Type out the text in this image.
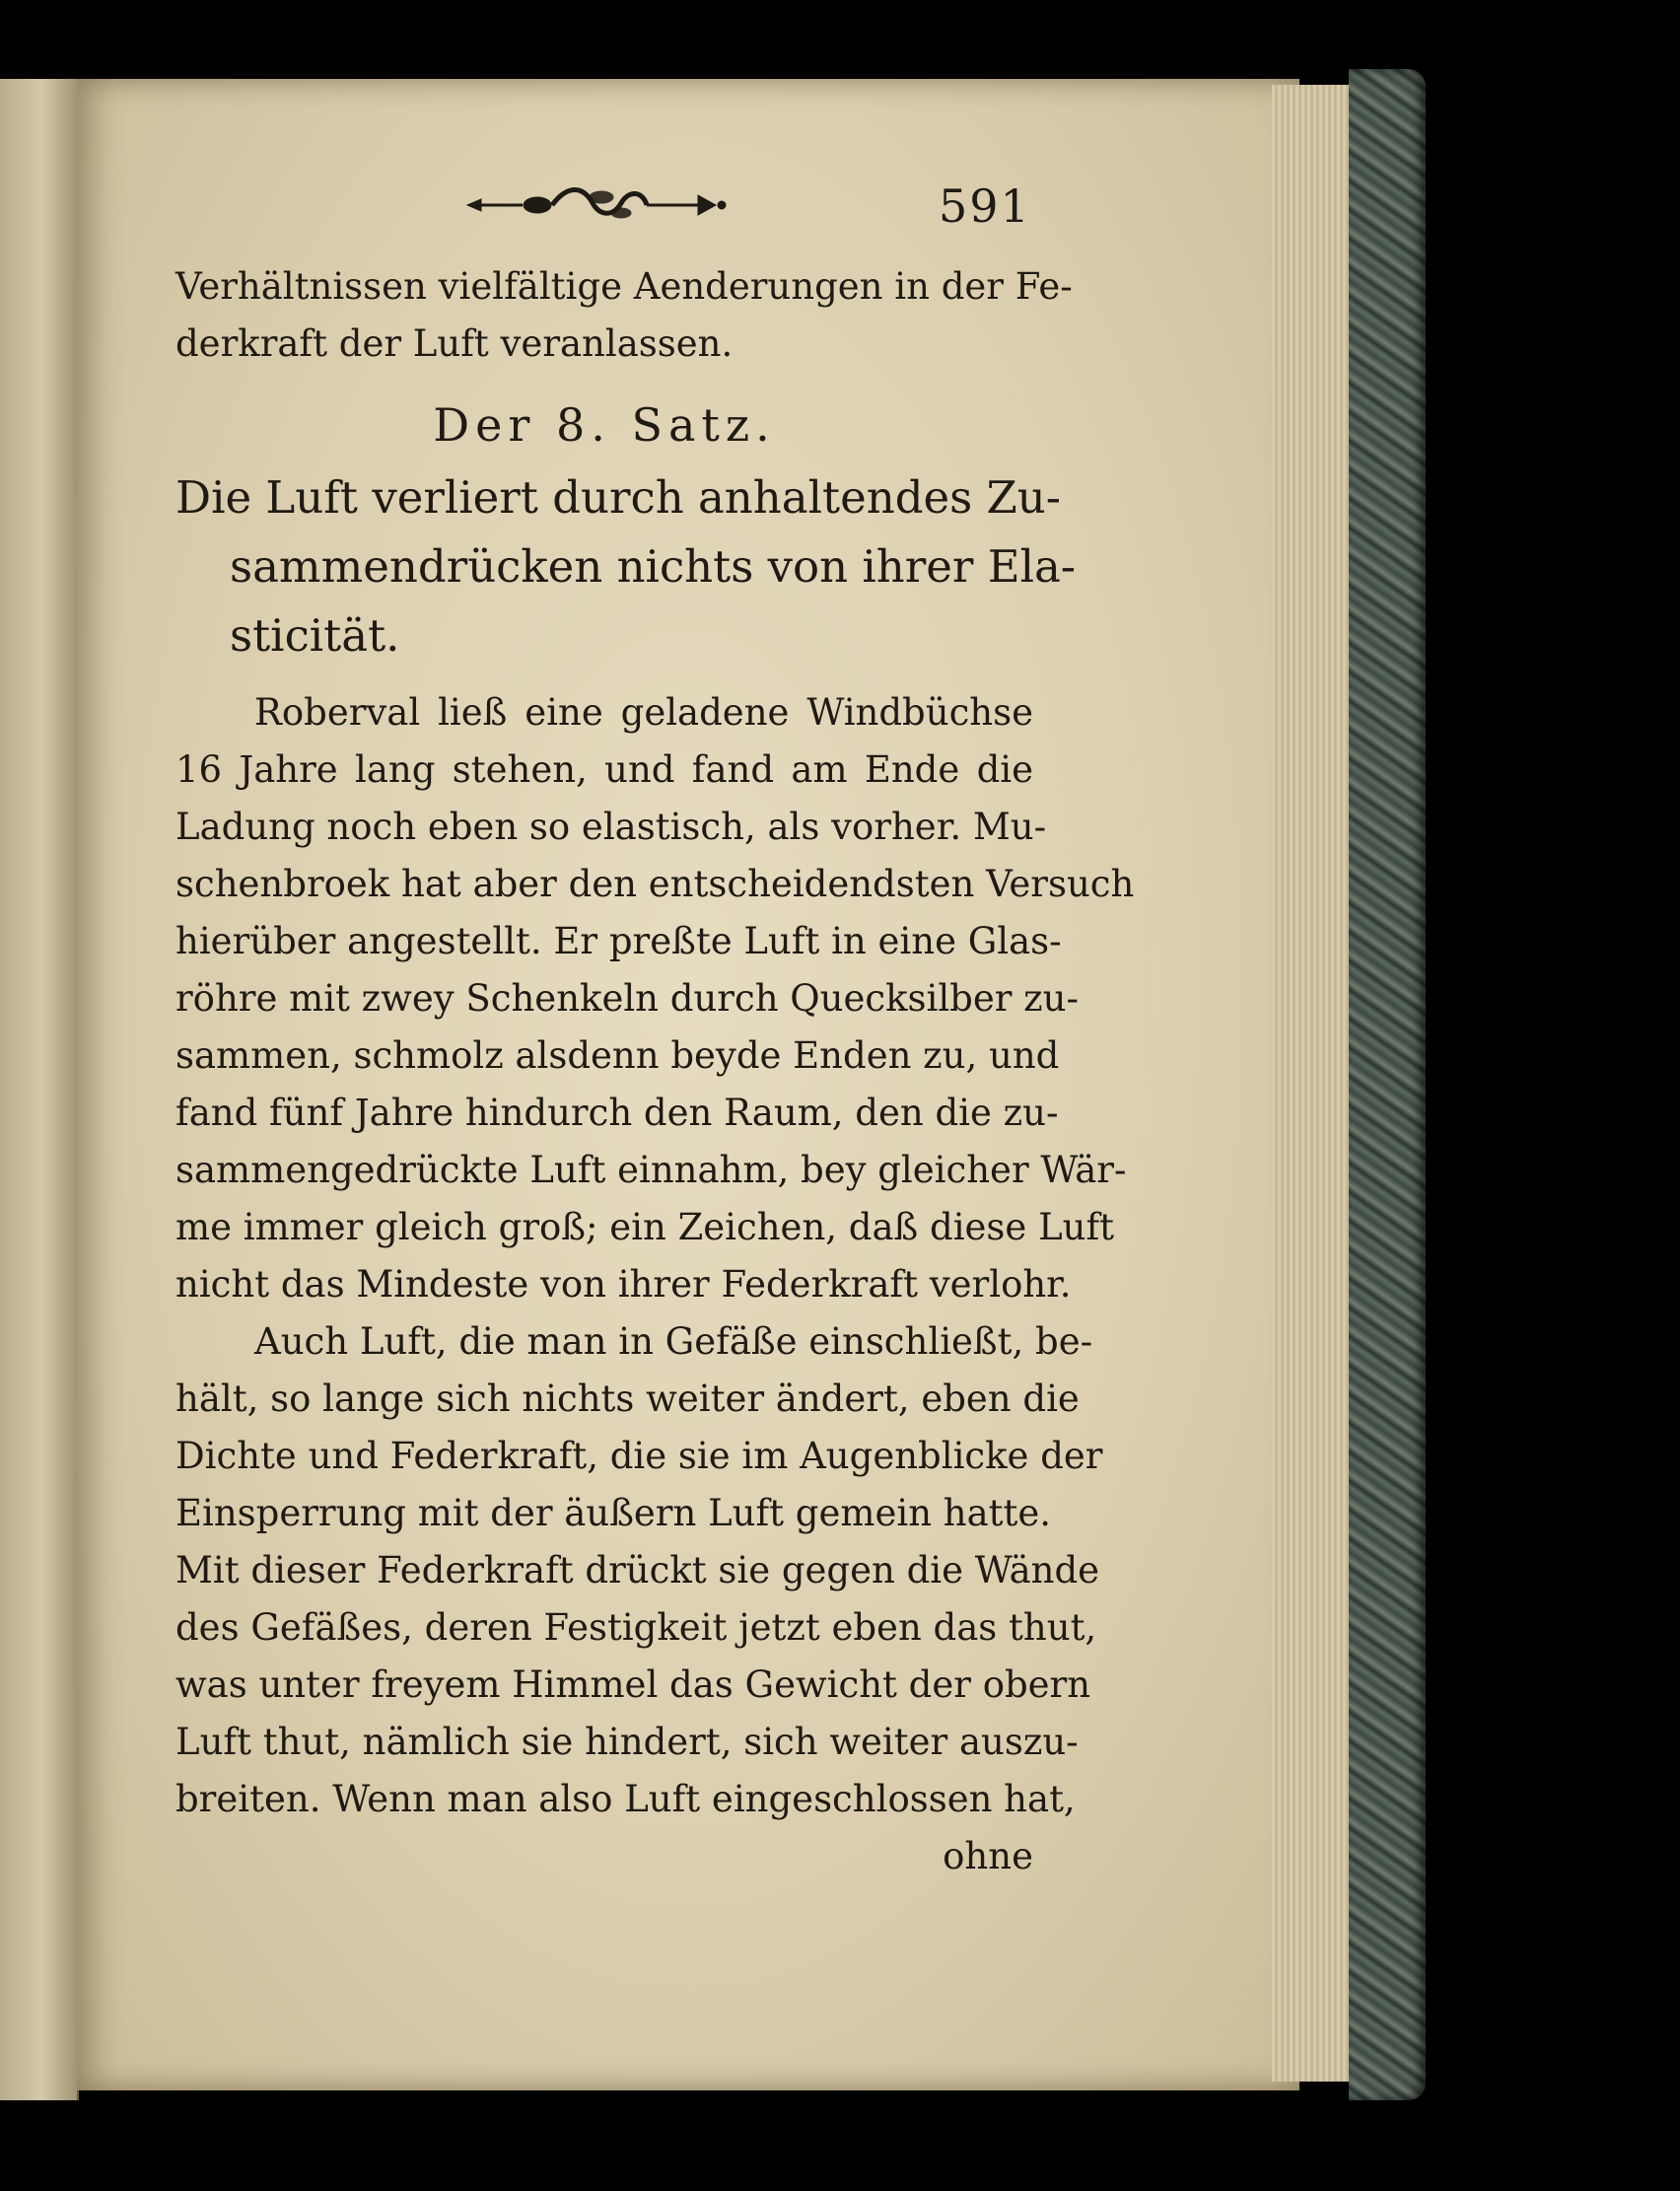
591
Verhältnissen vielfältige Aenderungen in der Fe-
derkraft der Luft veranlassen.
Der 8. Satz.
Die Luft verliert durch anhaltendes Zu-
sammendrücken nichts von ihrer Ela-
sticität.
Roberval ließ eine geladene Windbüchse
16 Jahre lang stehen, und fand am Ende die
Ladung noch eben so elastisch, als vorher. Mu-
schenbroek hat aber den entscheidendsten Versuch
hierüber angestellt. Er preßte Luft in eine Glas-
röhre mit zwey Schenkeln durch Quecksilber zu-
sammen, schmolz alsdenn beyde Enden zu, und
fand fünf Jahre hindurch den Raum, den die zu-
sammengedrückte Luft einnahm, bey gleicher Wär-
me immer gleich groß; ein Zeichen, daß diese Luft
nicht das Mindeste von ihrer Federkraft verlohr.
Auch Luft, die man in Gefäße einschließt, be-
hält, so lange sich nichts weiter ändert, eben die
Dichte und Federkraft, die sie im Augenblicke der
Einsperrung mit der äußern Luft gemein hatte.
Mit dieser Federkraft drückt sie gegen die Wände
des Gefäßes, deren Festigkeit jetzt eben das thut,
was unter freyem Himmel das Gewicht der obern
Luft thut, nämlich sie hindert, sich weiter auszu-
breiten. Wenn man also Luft eingeschlossen hat,
ohne
